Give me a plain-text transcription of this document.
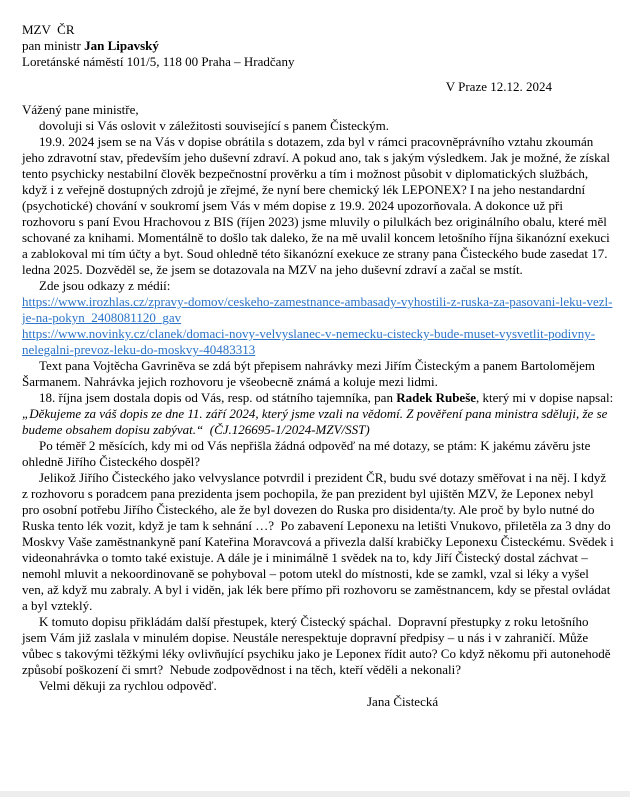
MZV  ČR
pan ministr Jan Lipavský
Loretánské náměstí 101/5, 118 00 Praha – Hradčany
V Praze 12.12. 2024
Vážený pane ministře,

dovoluji si Vás oslovit v záležitosti související s panem Čisteckým.

19.9. 2024 jsem se na Vás v dopise obrátila s dotazem, zda byl v rámci pracovněprávního vztahu zkoumán jeho zdravotní stav, především jeho duševní zdraví. A pokud ano, tak s jakým výsledkem. Jak je možné, že získal tento psychicky nestabilní člověk bezpečnostní prověrku a tím i možnost působit v diplomatických službách, když i z veřejně dostupných zdrojů je zřejmé, že nyní bere chemický lék LEPONEX? I na jeho nestandardní (psychotické) chování v soukromí jsem Vás v mém dopise z 19.9. 2024 upozorňovala. A dokonce už při rozhovoru s paní Evou Hrachovou z BIS (říjen 2023) jsme mluvily o pilulkách bez originálního obalu, které měl schované za knihami. Momentálně to došlo tak daleko, že na mě uvalil koncem letošního října šikanózní exekuci a zablokoval mi tím účty a byt. Soud ohledně této šikanózní exekuce ze strany pana Čisteckého bude zasedat 17. ledna 2025. Dozvěděl se, že jsem se dotazovala na MZV na jeho duševní zdraví a začal se mstít.

Zde jsou odkazy z médií:

https://www.irozhlas.cz/zpravy-domov/ceskeho-zamestnance-ambasady-vyhostili-z-ruska-za-pasovani-leku-vezl-je-na-pokyn_2408081120_gav

https://www.novinky.cz/clanek/domaci-novy-velvyslanec-v-nemecku-cistecky-bude-muset-vysvetlit-podivny-nelegalni-prevoz-leku-do-moskvy-40483313

Text pana Vojtěcha Gavriněva se zdá být přepisem nahrávky mezi Jiřím Čisteckým a panem Bartolomějem Šarmanem. Nahrávka jejich rozhovoru je všeobecně známá a koluje mezi lidmi.

18. října jsem dostala dopis od Vás, resp. od státního tajemníka, pan Radek Rubeše, který mi v dopise napsal:

„Děkujeme za váš dopis ze dne 11. září 2024, který jsme vzali na vědomí. Z pověření pana ministra sděluji, že se budeme obsahem dopisu zabývat.“  (ČJ.126695-1/2024-MZV/SST)

Po téměř 2 měsících, kdy mi od Vás nepřišla žádná odpověď na mé dotazy, se ptám: K jakému závěru jste ohledně Jiřího Čisteckého dospěl?

Jelikož Jiřího Čisteckého jako velvyslance potvrdil i prezident ČR, budu své dotazy směřovat i na něj. I když z rozhovoru s poradcem pana prezidenta jsem pochopila, že pan prezident byl ujištěn MZV, že Leponex nebyl pro osobní potřebu Jiřího Čisteckého, ale že byl dovezen do Ruska pro disidenta/ty. Ale proč by bylo nutné do Ruska tento lék vozit, když je tam k sehnání …?  Po zabavení Leponexu na letišti Vnukovo, přiletěla za 3 dny do Moskvy Vaše zaměstnankyně paní Kateřina Moravcová a přivezla další krabičky Leponexu Čisteckému. Svědek i videonahrávka o tomto také existuje. A dále je i minimálně 1 svědek na to, kdy Jiří Čistecký dostal záchvat – nemohl mluvit a nekoordinovaně se pohyboval – potom utekl do místnosti, kde se zamkl, vzal si léky a vyšel ven, až když mu zabraly. A byl i viděn, jak lék bere přímo při rozhovoru se zaměstnancem, kdy se přestal ovládat a byl vzteklý.

K tomuto dopisu přikládám další přestupek, který Čistecký spáchal.  Dopravní přestupky z roku letošního jsem Vám již zaslala v minulém dopise. Neustále nerespektuje dopravní předpisy – u nás i v zahraničí. Může vůbec s takovými těžkými léky ovlivňující psychiku jako je Leponex řídit auto? Co když někomu při autonehodě způsobí poškození či smrt?  Nebude zodpovědnost i na těch, kteří věděli a nekonali?

Velmi děkuji za rychlou odpověď.

Jana Čistecká
